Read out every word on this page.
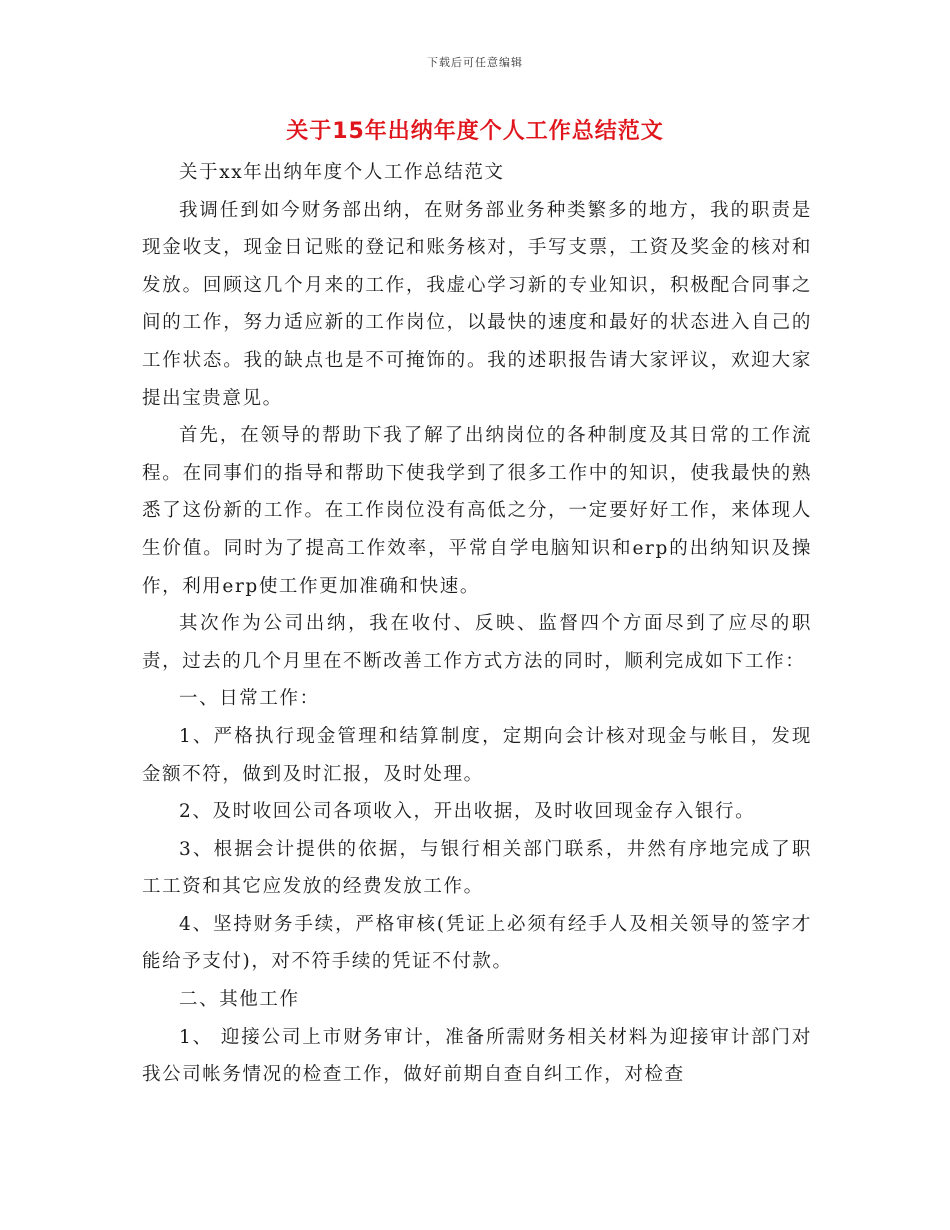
下载后可任意编辑
关于15年出纳年度个人工作总结范文

关于xx年出纳年度个人工作总结范文

我调任到如今财务部出纳，在财务部业务种类繁多的地方，我的职责是现金收支，现金日记账的登记和账务核对，手写支票，工资及奖金的核对和发放。回顾这几个月来的工作，我虚心学习新的专业知识，积极配合同事之间的工作，努力适应新的工作岗位，以最快的速度和最好的状态进入自己的工作状态。我的缺点也是不可掩饰的。我的述职报告请大家评议，欢迎大家提出宝贵意见。

首先，在领导的帮助下我了解了出纳岗位的各种制度及其日常的工作流程。在同事们的指导和帮助下使我学到了很多工作中的知识，使我最快的熟悉了这份新的工作。在工作岗位没有高低之分，一定要好好工作，来体现人生价值。同时为了提高工作效率，平常自学电脑知识和erp的出纳知识及操作，利用erp使工作更加准确和快速。

其次作为公司出纳，我在收付、反映、监督四个方面尽到了应尽的职责，过去的几个月里在不断改善工作方式方法的同时，顺利完成如下工作：

一、日常工作：

1、严格执行现金管理和结算制度，定期向会计核对现金与帐目，发现金额不符，做到及时汇报，及时处理。

2、及时收回公司各项收入，开出收据，及时收回现金存入银行。

3、根据会计提供的依据，与银行相关部门联系，井然有序地完成了职工工资和其它应发放的经费发放工作。

4、坚持财务手续，严格审核(凭证上必须有经手人及相关领导的签字才能给予支付)，对不符手续的凭证不付款。

二、其他工作

1、 迎接公司上市财务审计，准备所需财务相关材料为迎接审计部门对我公司帐务情况的检查工作，做好前期自查自纠工作，对检查
